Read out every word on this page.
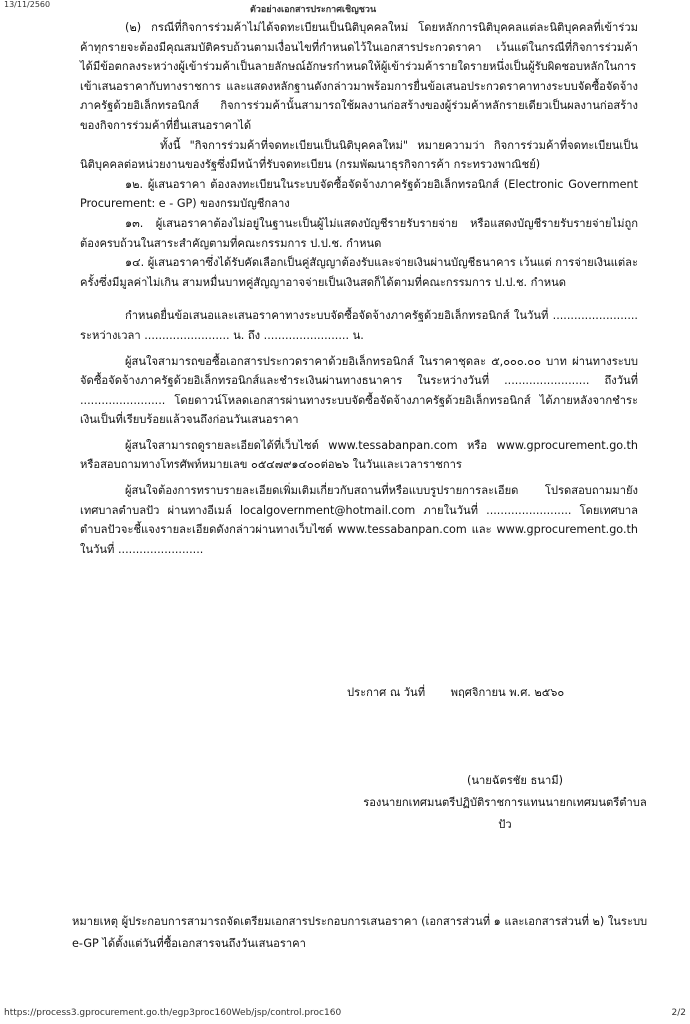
13/11/2560
ตัวอย่างเอกสารประกาศเชิญชวน

(๒) กรณีที่กิจการร่วมค้าไม่ได้จดทะเบียนเป็นนิติบุคคลใหม่ โดยหลักการนิติบุคคลแต่ละนิติบุคคลที่เข้าร่วมค้าทุกรายจะต้องมีคุณสมบัติครบถ้วนตามเงื่อนไขที่กำหนดไว้ในเอกสารประกวดราคา เว้นแต่ในกรณีที่กิจการร่วมค้าได้มีข้อตกลงระหว่างผู้เข้าร่วมค้าเป็นลายลักษณ์อักษรกำหนดให้ผู้เข้าร่วมค้ารายใดรายหนึ่งเป็นผู้รับผิดชอบหลักในการเข้าเสนอราคากับทางราชการ และแสดงหลักฐานดังกล่าวมาพร้อมการยื่นข้อเสนอประกวดราคาทางระบบจัดซื้อจัดจ้างภาครัฐด้วยอิเล็กทรอนิกส์ กิจการร่วมค้านั้นสามารถใช้ผลงานก่อสร้างของผู้ร่วมค้าหลักรายเดียวเป็นผลงานก่อสร้างของกิจการร่วมค้าที่ยื่นเสนอราคาได้

ทั้งนี้ "กิจการร่วมค้าที่จดทะเบียนเป็นนิติบุคคลใหม่" หมายความว่า กิจการร่วมค้าที่จดทะเบียนเป็นนิติบุคคลต่อหน่วยงานของรัฐซึ่งมีหน้าที่รับจดทะเบียน (กรมพัฒนาธุรกิจการค้า กระทรวงพาณิชย์)

๑๒. ผู้เสนอราคา ต้องลงทะเบียนในระบบจัดซื้อจัดจ้างภาครัฐด้วยอิเล็กทรอนิกส์ (Electronic Government Procurement: e - GP) ของกรมบัญชีกลาง

๑๓. ผู้เสนอราคาต้องไม่อยู่ในฐานะเป็นผู้ไม่แสดงบัญชีรายรับรายจ่าย หรือแสดงบัญชีรายรับรายจ่ายไม่ถูกต้องครบถ้วนในสาระสำคัญตามที่คณะกรรมการ ป.ป.ช. กำหนด

๑๔. ผู้เสนอราคาซึ่งได้รับคัดเลือกเป็นคู่สัญญาต้องรับและจ่ายเงินผ่านบัญชีธนาคาร เว้นแต่ การจ่ายเงินแต่ละครั้งซึ่งมีมูลค่าไม่เกิน สามหมื่นบาทคู่สัญญาอาจจ่ายเป็นเงินสดก็ได้ตามที่คณะกรรมการ ป.ป.ช. กำหนด

กำหนดยื่นข้อเสนอและเสนอราคาทางระบบจัดซื้อจัดจ้างภาครัฐด้วยอิเล็กทรอนิกส์ ในวันที่ ........................ ระหว่างเวลา ........................ น. ถึง ........................ น.

ผู้สนใจสามารถขอซื้อเอกสารประกวดราคาด้วยอิเล็กทรอนิกส์ ในราคาชุดละ ๕,๐๐๐.๐๐ บาท ผ่านทางระบบจัดซื้อจัดจ้างภาครัฐด้วยอิเล็กทรอนิกส์และชำระเงินผ่านทางธนาคาร ในระหว่างวันที่ ........................ ถึงวันที่ ........................ โดยดาวน์โหลดเอกสารผ่านทางระบบจัดซื้อจัดจ้างภาครัฐด้วยอิเล็กทรอนิกส์ ได้ภายหลังจากชำระเงินเป็นที่เรียบร้อยแล้วจนถึงก่อนวันเสนอราคา

ผู้สนใจสามารถดูรายละเอียดได้ที่เว็บไซต์ www.tessabanpan.com หรือ www.gprocurement.go.th หรือสอบถามทางโทรศัพท์หมายเลข ๐๕๔๗๙๑๔๐๐ต่อ๒๖ ในวันและเวลาราชการ

ผู้สนใจต้องการทราบรายละเอียดเพิ่มเติมเกี่ยวกับสถานที่หรือแบบรูปรายการละเอียด โปรดสอบถามมายัง เทศบาลตำบลปัว ผ่านทางอีเมล์ localgovernment@hotmail.com ภายในวันที่ ........................ โดยเทศบาลตำบลปัวจะชี้แจงรายละเอียดดังกล่าวผ่านทางเว็บไซต์ www.tessabanpan.com และ www.gprocurement.go.th ในวันที่ ........................

ประกาศ ณ วันที่ พฤศจิกายน พ.ศ. ๒๕๖๐
(นายฉัตรชัย ธนามี)
รองนายกเทศมนตรีปฏิบัติราชการแทนนายกเทศมนตรีตำบล
ปัว
หมายเหตุ ผู้ประกอบการสามารถจัดเตรียมเอกสารประกอบการเสนอราคา (เอกสารส่วนที่ ๑ และเอกสารส่วนที่ ๒) ในระบบ e-GP ได้ตั้งแต่วันที่ซื้อเอกสารจนถึงวันเสนอราคา
https://process3.gprocurement.go.th/egp3proc160Web/jsp/control.proc160	2/2
